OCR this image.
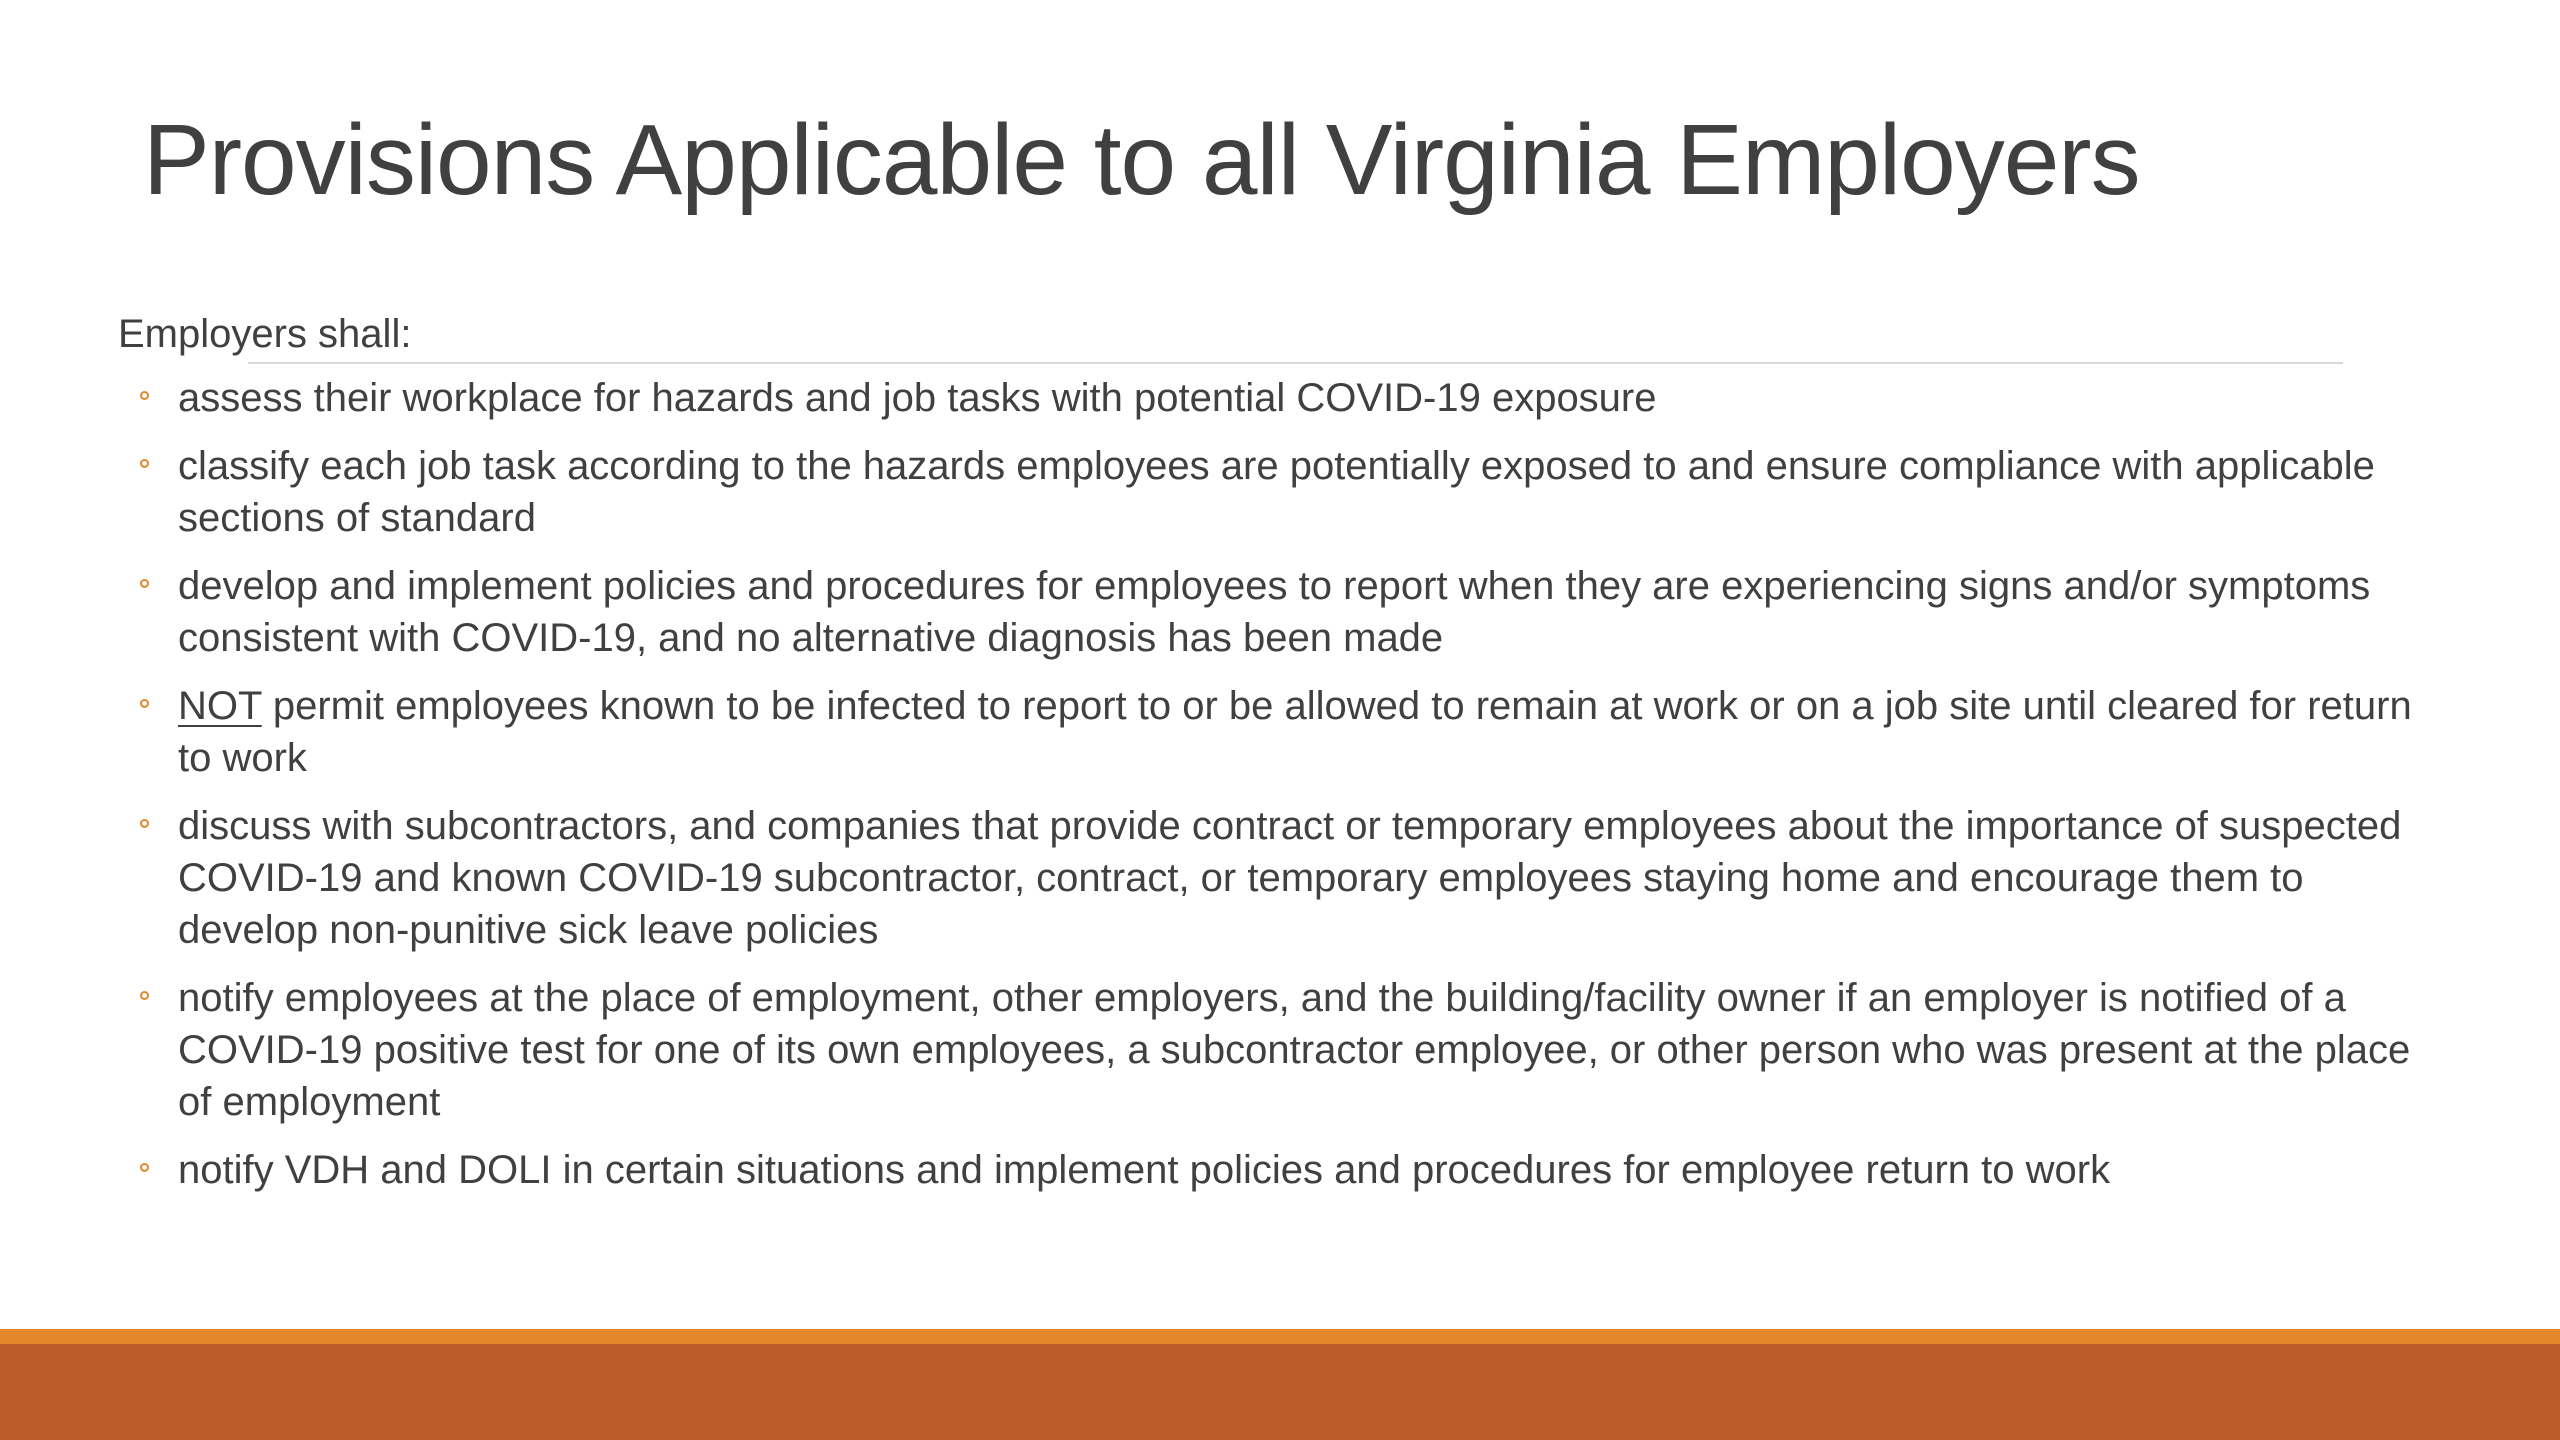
Provisions Applicable to all Virginia Employers
Employers shall:
assess their workplace for hazards and job tasks with potential COVID-19 exposure
classify each job task according to the hazards employees are potentially exposed to and ensure compliance with applicable sections of standard
develop and implement policies and procedures for employees to report when they are experiencing signs and/or symptoms consistent with COVID-19, and no alternative diagnosis has been made
NOT permit employees known to be infected to report to or be allowed to remain at work or on a job site until cleared for return to work
discuss with subcontractors, and companies that provide contract or temporary employees about the importance of suspected COVID-19 and known COVID-19 subcontractor, contract, or temporary employees staying home and encourage them to develop non-punitive sick leave policies
notify employees at the place of employment, other employers, and the building/facility owner if an employer is notified of a COVID-19 positive test for one of its own employees, a subcontractor employee, or other person who was present at the place of employment
notify VDH and DOLI in certain situations and implement policies and procedures for employee return to work
